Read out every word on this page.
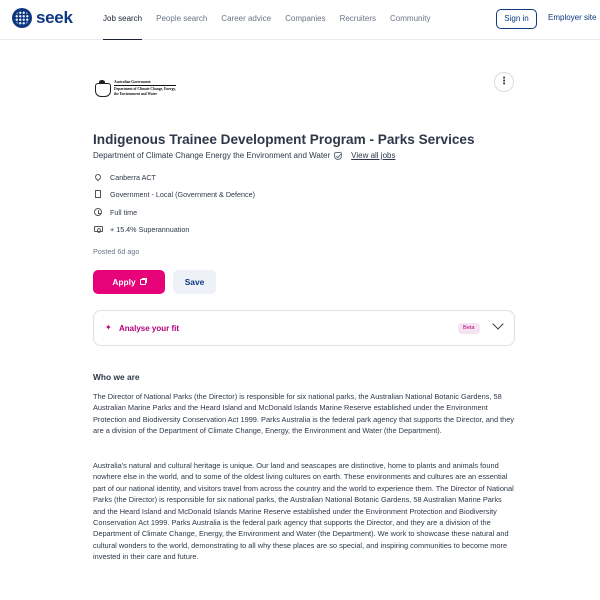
seek	Job search People search Career advice Companies Recruiters Community	Sign in	Employer site
Australian Government
Department of Climate Change, Energy,
the Environment and Water
⋮
Indigenous Trainee Development Program - Parks Services
Department of Climate Change Energy the Environment and Water	View all jobs
Canberra ACT
Government - Local (Government & Defence)
Full time
+ 15.4% Superannuation
Posted 6d ago
Apply	Save
✦ Analyse your fit	Beta
Who we are

The Director of National Parks (the Director) is responsible for six national parks, the Australian National Botanic Gardens, 58 Australian Marine Parks and the Heard Island and McDonald Islands Marine Reserve established under the Environment Protection and Biodiversity Conservation Act 1999. Parks Australia is the federal park agency that supports the Director, and they are a division of the Department of Climate Change, Energy, the Environment and Water (the Department).

Australia's natural and cultural heritage is unique. Our land and seascapes are distinctive, home to plants and animals found nowhere else in the world, and to some of the oldest living cultures on earth. These environments and cultures are an essential part of our national identity, and visitors travel from across the country and the world to experience them. The Director of National Parks (the Director) is responsible for six national parks, the Australian National Botanic Gardens, 58 Australian Marine Parks and the Heard Island and McDonald Islands Marine Reserve established under the Environment Protection and Biodiversity Conservation Act 1999. Parks Australia is the federal park agency that supports the Director, and they are a division of the Department of Climate Change, Energy, the Environment and Water (the Department). We work to showcase these natural and cultural wonders to the world, demonstrating to all why these places are so special, and inspiring communities to become more invested in their care and future.
